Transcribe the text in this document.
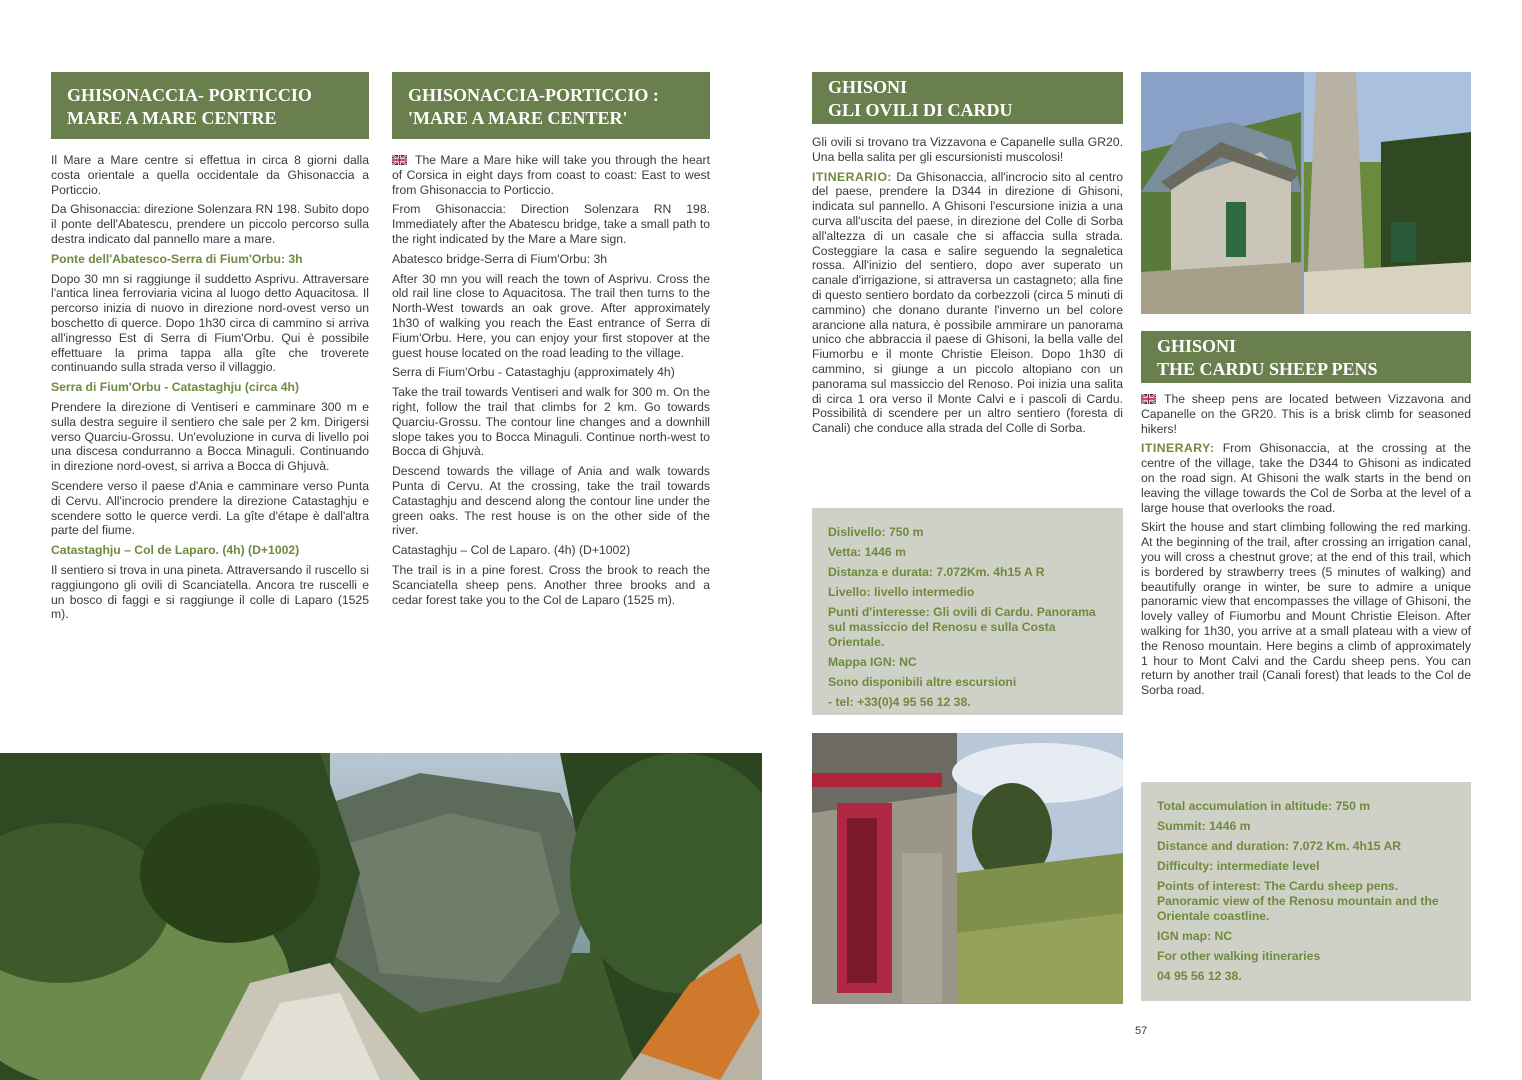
GHISONACCIA- PORTICCIO
MARE A MARE CENTRE

Il Mare a Mare centre si effettua in circa 8 giorni dalla costa orientale a quella occidentale da Ghisonaccia a Porticcio.

Da Ghisonaccia: direzione Solenzara RN 198. Subito dopo il ponte dell'Abatescu, prendere un piccolo percorso sulla destra indicato dal pannello mare a mare.

Ponte dell'Abatesco-Serra di Fium'Orbu: 3h

Dopo 30 mn si raggiunge il suddetto Asprivu. Attraversare l'antica linea ferroviaria vicina al luogo detto Aquacitosa. Il percorso inizia di nuovo in direzione nord-ovest verso un boschetto di querce. Dopo 1h30 circa di cammino si arriva all'ingresso Est di Serra di Fium'Orbu. Qui è possibile effettuare la prima tappa alla gîte che troverete continuando sulla strada verso il villaggio.

Serra di Fium'Orbu - Catastaghju (circa 4h)

Prendere la direzione di Ventiseri e camminare 300 m e sulla destra seguire il sentiero che sale per 2 km. Dirigersi verso Quarciu-Grossu. Un'evoluzione in curva di livello poi una discesa condurranno a Bocca Minaguli. Continuando in direzione nord-ovest, si arriva a Bocca di Ghjuvà.

Scendere verso il paese d'Ania e camminare verso Punta di Cervu. All'incrocio prendere la direzione Catastaghju e scendere sotto le querce verdi. La gîte d'étape è dall'altra parte del fiume.

Catastaghju – Col de Laparo. (4h) (D+1002)

Il sentiero si trova in una pineta. Attraversando il ruscello si raggiungono gli ovili di Scanciatella. Ancora tre ruscelli e un bosco di faggi e si raggiunge il colle di Laparo (1525 m).

GHISONACCIA-PORTICCIO :
'MARE A MARE CENTER'

The Mare a Mare hike will take you through the heart of Corsica in eight days from coast to coast: East to west from Ghisonaccia to Porticcio.

From Ghisonaccia: Direction Solenzara RN 198. Immediately after the Abatescu bridge, take a small path to the right indicated by the Mare a Mare sign.

Abatesco bridge-Serra di Fium'Orbu: 3h

After 30 mn you will reach the town of Asprivu. Cross the old rail line close to Aquacitosa. The trail then turns to the North-West towards an oak grove. After approximately 1h30 of walking you reach the East entrance of Serra di Fium'Orbu. Here, you can enjoy your first stopover at the guest house located on the road leading to the village.

Serra di Fium'Orbu - Catastaghju (approximately 4h)

Take the trail towards Ventiseri and walk for 300 m. On the right, follow the trail that climbs for 2 km. Go towards Quarciu-Grossu. The contour line changes and a downhill slope takes you to Bocca Minaguli. Continue north-west to Bocca di Ghjuvà.

Descend towards the village of Ania and walk towards Punta di Cervu. At the crossing, take the trail towards Catastaghju and descend along the contour line under the green oaks. The rest house is on the other side of the river.

Catastaghju – Col de Laparo. (4h) (D+1002)

The trail is in a pine forest. Cross the brook to reach the Scanciatella sheep pens. Another three brooks and a cedar forest take you to the Col de Laparo (1525 m).

GHISONI
GLI OVILI DI CARDU

Gli ovili si trovano tra Vizzavona e Capanelle sulla GR20. Una bella salita per gli escursionisti muscolosi!

ITINERARIO: Da Ghisonaccia, all'incrocio sito al centro del paese, prendere la D344 in direzione di Ghisoni, indicata sul pannello. A Ghisoni l'escursione inizia a una curva all'uscita del paese, in direzione del Colle di Sorba all'altezza di un casale che si affaccia sulla strada. Costeggiare la casa e salire seguendo la segnaletica rossa. All'inizio del sentiero, dopo aver superato un canale d'irrigazione, si attraversa un castagneto; alla fine di questo sentiero bordato da corbezzoli (circa 5 minuti di cammino) che donano durante l'inverno un bel colore arancione alla natura, è possibile ammirare un panorama unico che abbraccia il paese di Ghisoni, la bella valle del Fiumorbu e il monte Christie Eleison. Dopo 1h30 di cammino, si giunge a un piccolo altopiano con un panorama sul massiccio del Renoso. Poi inizia una salita di circa 1 ora verso il Monte Calvi e i pascoli di Cardu. Possibilità di scendere per un altro sentiero (foresta di Canali) che conduce alla strada del Colle di Sorba.

Dislivello: 750 m

Vetta: 1446 m

Distanza e durata: 7.072Km. 4h15 A R

Livello: livello intermedio

Punti d'interesse: Gli ovili di Cardu. Panorama sul massiccio del Renosu e sulla Costa Orientale.

Mappa IGN: NC

Sono disponibili altre escursioni

- tel: +33(0)4 95 56 12 38.

GHISONI
THE CARDU SHEEP PENS

The sheep pens are located between Vizzavona and Capanelle on the GR20. This is a brisk climb for seasoned hikers!

ITINERARY: From Ghisonaccia, at the crossing at the centre of the village, take the D344 to Ghisoni as indicated on the road sign. At Ghisoni the walk starts in the bend on leaving the village towards the Col de Sorba at the level of a large house that overlooks the road.

Skirt the house and start climbing following the red marking. At the beginning of the trail, after crossing an irrigation canal, you will cross a chestnut grove; at the end of this trail, which is bordered by strawberry trees (5 minutes of walking) and beautifully orange in winter, be sure to admire a unique panoramic view that encompasses the village of Ghisoni, the lovely valley of Fiumorbu and Mount Christie Eleison. After walking for 1h30, you arrive at a small plateau with a view of the Renoso mountain. Here begins a climb of approximately 1 hour to Mont Calvi and the Cardu sheep pens. You can return by another trail (Canali forest) that leads to the Col de Sorba road.

Total accumulation in altitude: 750 m

Summit: 1446 m

Distance and duration: 7.072 Km. 4h15 AR

Difficulty: intermediate level

Points of interest: The Cardu sheep pens. Panoramic view of the Renosu mountain and the Orientale coastline.

IGN map: NC

For other walking itineraries

04 95 56 12 38.

57
